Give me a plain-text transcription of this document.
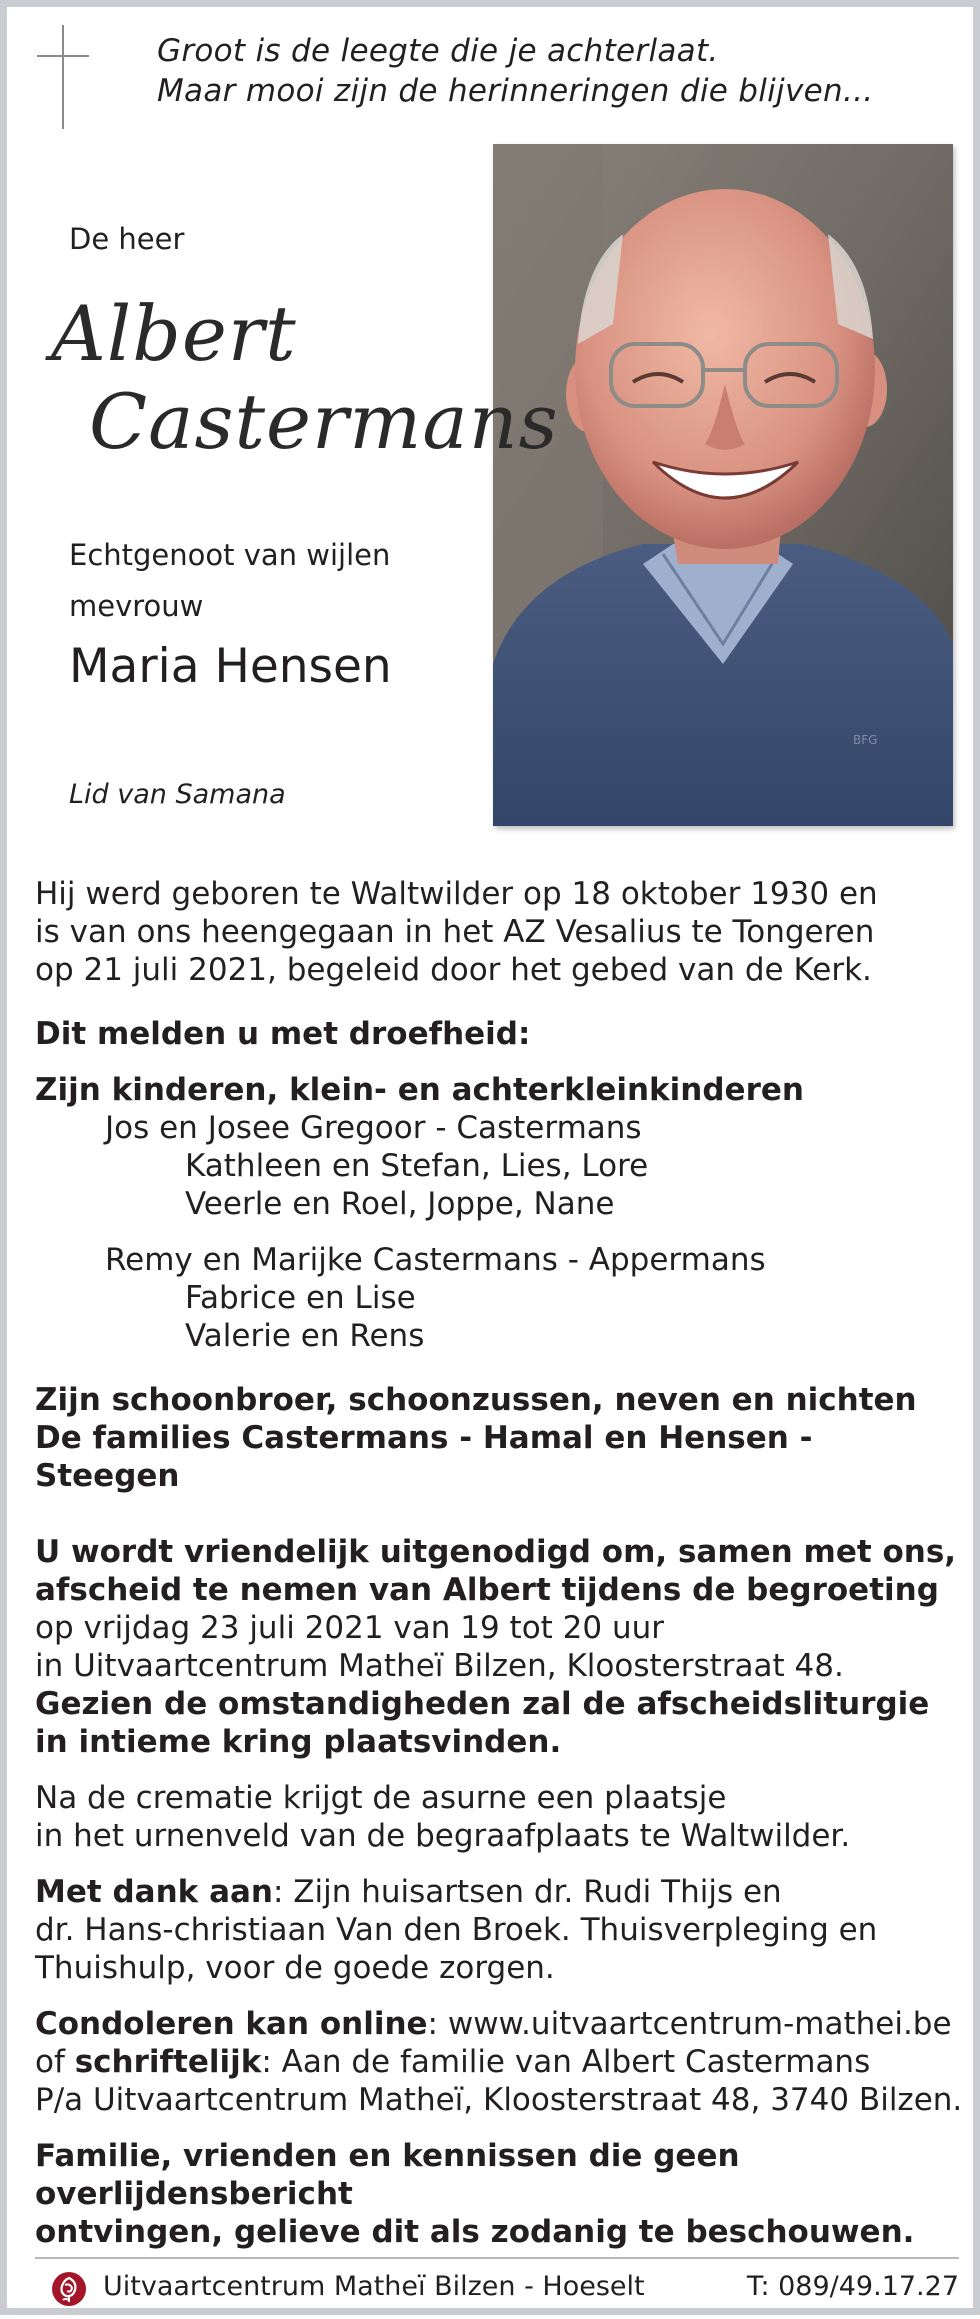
Groot is de leegte die je achterlaat.
Maar mooi zijn de herinneringen die blijven...
BFG
De heer
Albert
Castermans
Echtgenoot van wijlen
mevrouw
Maria Hensen
Lid van Samana

Hij werd geboren te Waltwilder op 18 oktober 1930 en

is van ons heengegaan in het AZ Vesalius te Tongeren

op 21 juli 2021, begeleid door het gebed van de Kerk.

Dit melden u met droefheid:

Zijn kinderen, klein- en achterkleinkinderen

Jos en Josee Gregoor - Castermans

Kathleen en Stefan, Lies, Lore

Veerle en Roel, Joppe, Nane

Remy en Marijke Castermans - Appermans

Fabrice en Lise

Valerie en Rens

Zijn schoonbroer, schoonzussen, neven en nichten

De families Castermans - Hamal en Hensen - Steegen

U wordt vriendelijk uitgenodigd om, samen met ons,

afscheid te nemen van Albert tijdens de begroeting

op vrijdag 23 juli 2021 van 19 tot 20 uur

in Uitvaartcentrum Matheï Bilzen, Kloosterstraat 48.

Gezien de omstandigheden zal de afscheidsliturgie

in intieme kring plaatsvinden.

Na de crematie krijgt de asurne een plaatsje

in het urnenveld van de begraafplaats te Waltwilder.

Met dank aan: Zijn huisartsen dr. Rudi Thijs en

dr. Hans-christiaan Van den Broek. Thuisverpleging en

Thuishulp, voor de goede zorgen.

Condoleren kan online: www.uitvaartcentrum-mathei.be

of schriftelijk: Aan de familie van Albert Castermans

P/a Uitvaartcentrum Matheï, Kloosterstraat 48, 3740 Bilzen.

Familie, vrienden en kennissen die geen overlijdensbericht

ontvingen, gelieve dit als zodanig te beschouwen.

Uitvaartcentrum Matheï Bilzen - Hoeselt	T: 089/49.17.27
